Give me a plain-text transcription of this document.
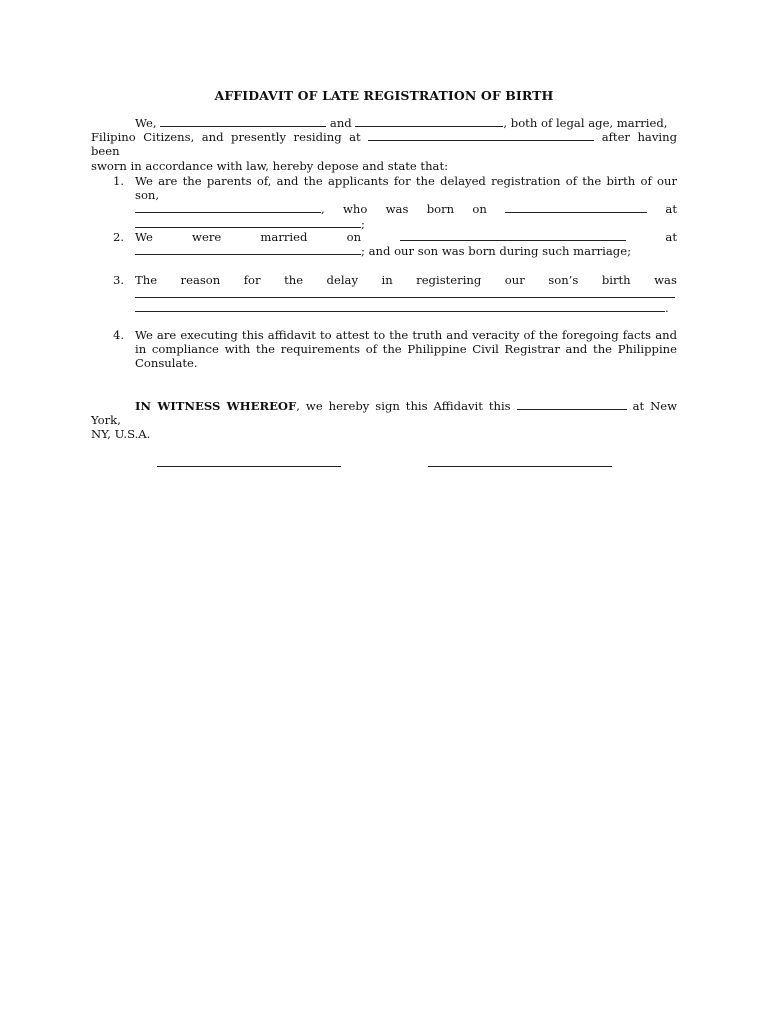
AFFIDAVIT OF LATE REGISTRATION OF BIRTH
We,	and	, both of legal age, married,

Filipino Citizens, and presently residing at	after having been
sworn in accordance with law, hereby depose and state that:
1. We are the parents of, and the applicants for the delayed registration of the birth of our son,
, who was born on	at
;
2. We	were	married	on	at
; and our son was born during such marriage;
3. The reason for the delay in registering our son’s birth was
.
4. We are executing this affidavit to attest to the truth and veracity of the foregoing facts and in compliance with the requirements of the Philippine Civil Registrar and the Philippine Consulate.
IN WITNESS WHEREOF, we hereby sign this Affidavit this	at New York,
NY, U.S.A.
